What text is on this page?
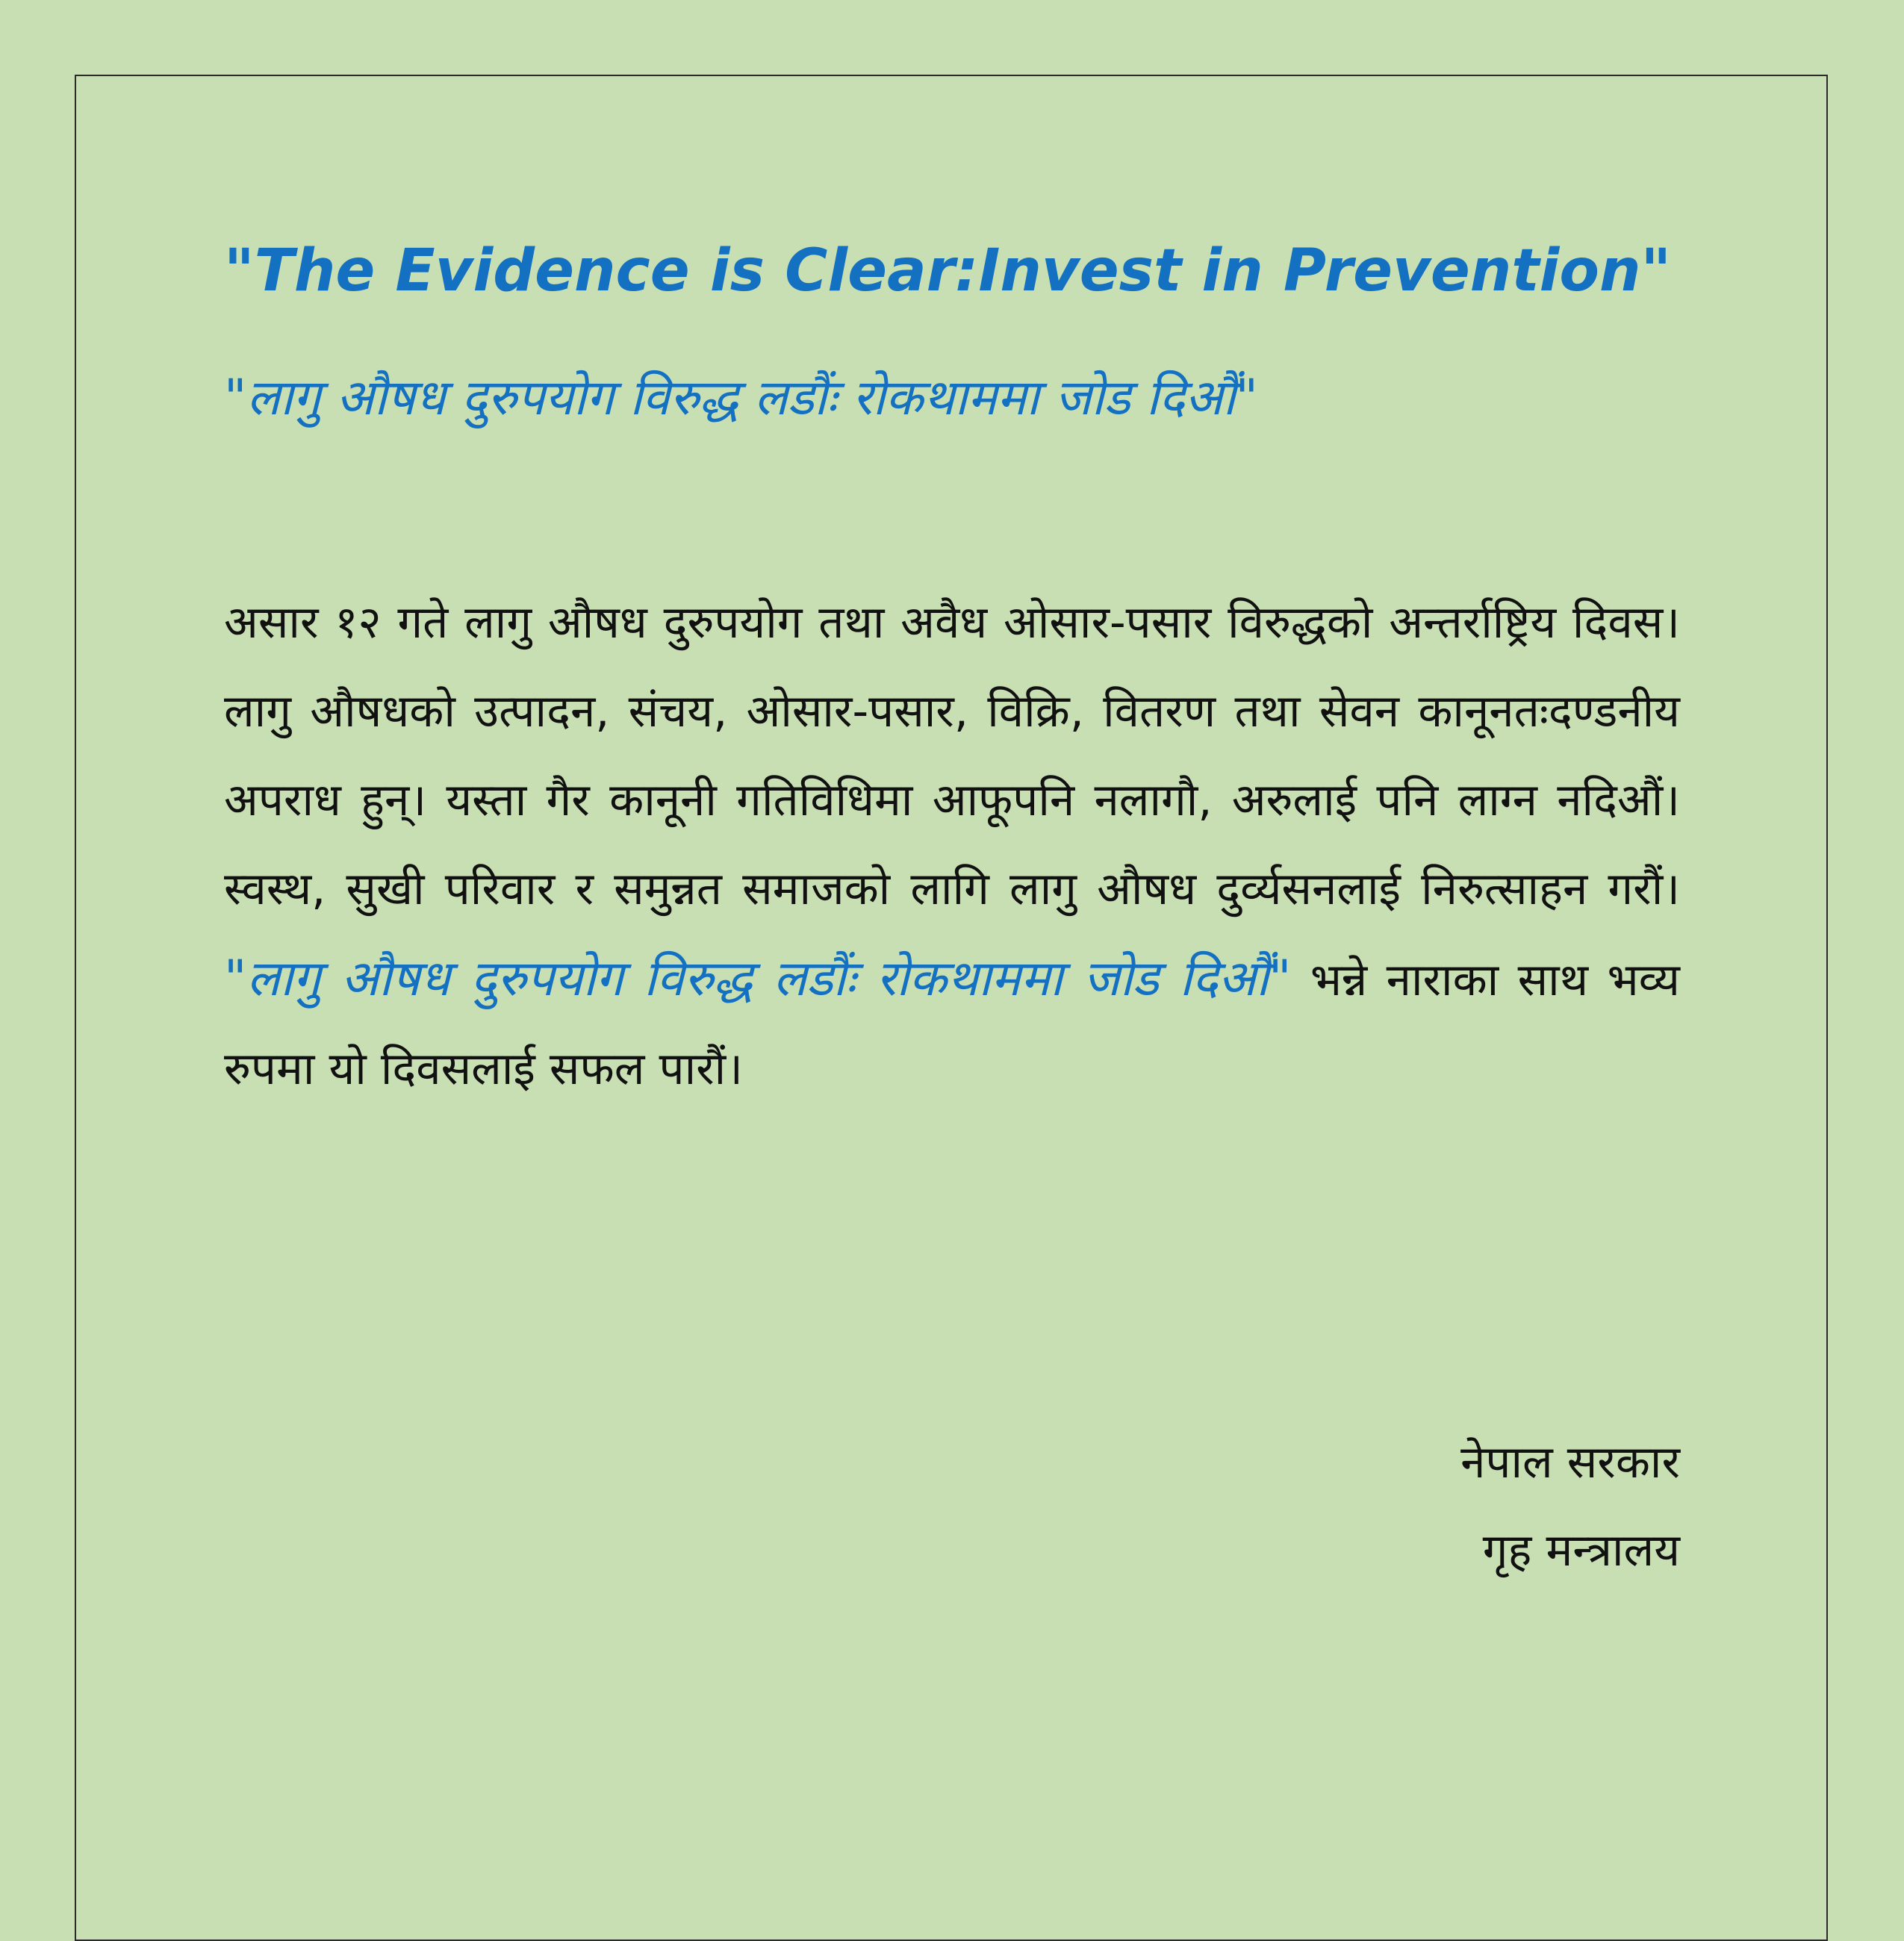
"The Evidence is Clear:Invest in Prevention"
"लागु औषध दुरुपयोग विरुद्ध लडौंः रोकथाममा जोड दिऔं"
असार १२ गते लागु औषध दुरुपयोग तथा अवैध ओसार-पसार विरुद्धको अन्तर्राष्ट्रिय दिवस। लागु औषधको उत्पादन, संचय, ओसार-पसार, विक्रि, वितरण तथा सेवन कानूनतःदण्डनीय अपराध हुन्। यस्ता गैर कानूनी गतिविधिमा आफूपनि नलागौ, अरुलाई पनि लाग्न नदिऔं। स्वस्थ, सुखी परिवार र समुन्नत समाजको लागि लागु औषध दुर्व्यसनलाई निरुत्साहन गरौं। "लागु औषध दुरुपयोग विरुद्ध लडौंः रोकथाममा जोड दिऔं" भन्ने नाराका साथ भव्य रुपमा यो दिवसलाई सफल पारौं।
नेपाल सरकार
गृह मन्त्रालय
